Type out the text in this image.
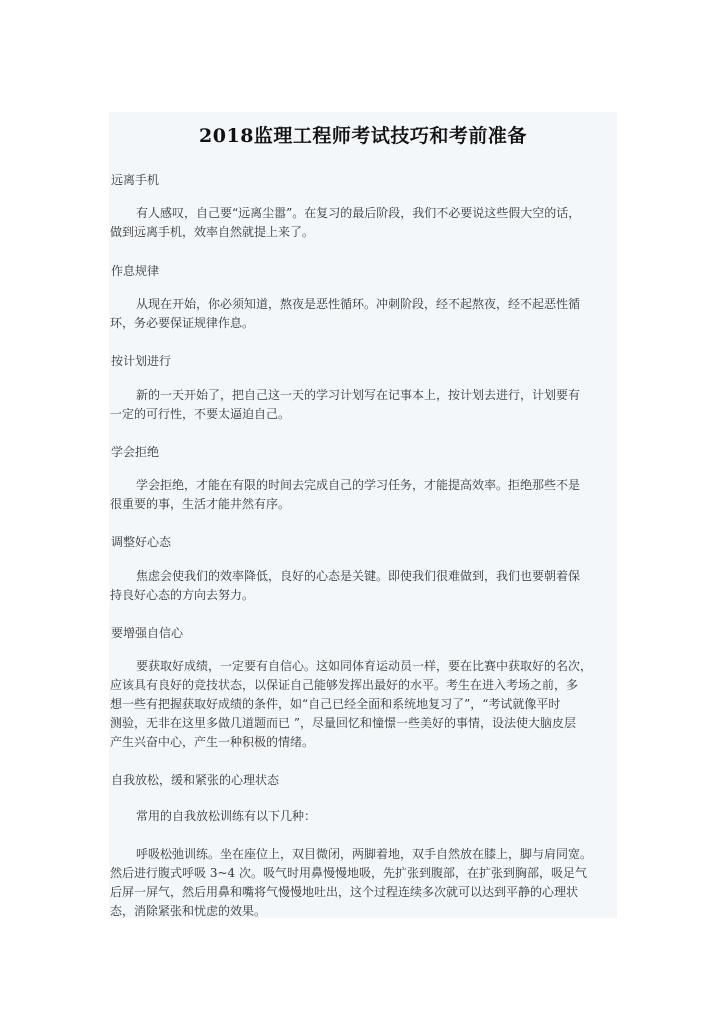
2018监理工程师考试技巧和考前准备
远离手机
有人感叹，自己要“远离尘嚣”。在复习的最后阶段，我们不必要说这些假大空的话，
做到远离手机，效率自然就提上来了。
作息规律
从现在开始，你必须知道，熬夜是恶性循环。冲刺阶段，经不起熬夜，经不起恶性循
环，务必要保证规律作息。
按计划进行
新的一天开始了，把自己这一天的学习计划写在记事本上，按计划去进行，计划要有
一定的可行性，不要太逼迫自己。
学会拒绝
学会拒绝，才能在有限的时间去完成自己的学习任务，才能提高效率。拒绝那些不是
很重要的事，生活才能井然有序。
调整好心态
焦虑会使我们的效率降低，良好的心态是关键。即使我们很难做到，我们也要朝着保
持良好心态的方向去努力。
要增强自信心
要获取好成绩，一定要有自信心。这如同体育运动员一样，要在比赛中获取好的名次，
应该具有良好的竞技状态，以保证自己能够发挥出最好的水平。考生在进入考场之前，多
想一些有把握获取好成绩的条件，如“自己已经全面和系统地复习了”，“考试就像平时
测验，无非在这里多做几道题而已 ”，尽量回忆和憧憬一些美好的事情，设法使大脑皮层
产生兴奋中心，产生一种积极的情绪。
自我放松，缓和紧张的心理状态
常用的自我放松训练有以下几种：
呼吸松弛训练。坐在座位上，双目微闭，两脚着地，双手自然放在膝上，脚与肩同宽。
然后进行腹式呼吸 3~4 次。吸气时用鼻慢慢地吸，先扩张到腹部，在扩张到胸部，吸足气
后屏一屏气，然后用鼻和嘴将气慢慢地吐出，这个过程连续多次就可以达到平静的心理状
态，消除紧张和忧虑的效果。
